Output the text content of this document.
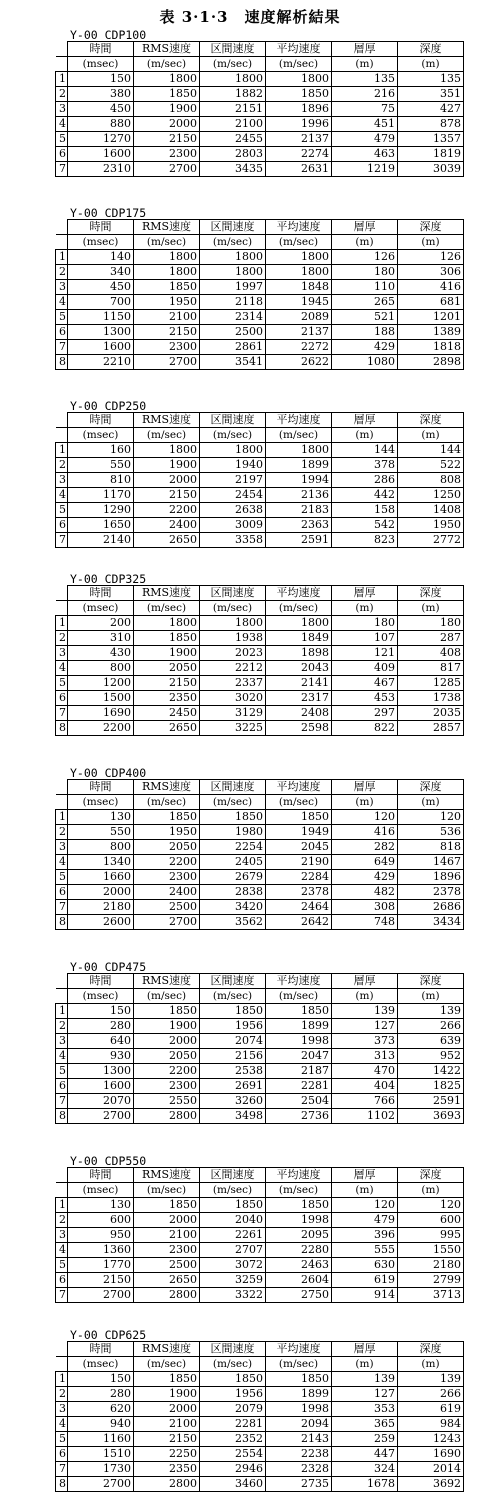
表 3·1·3　速度解析結果
Y-00 CDP100
	時間	RMS速度	区間速度	平均速度	層厚	深度
	(msec)	(m/sec)	(m/sec)	(m/sec)	(m)	(m)
1	150	1800	1800	1800	135	135
2	380	1850	1882	1850	216	351
3	450	1900	2151	1896	75	427
4	880	2000	2100	1996	451	878
5	1270	2150	2455	2137	479	1357
6	1600	2300	2803	2274	463	1819
7	2310	2700	3435	2631	1219	3039
Y-00 CDP175
	時間	RMS速度	区間速度	平均速度	層厚	深度
	(msec)	(m/sec)	(m/sec)	(m/sec)	(m)	(m)
1	140	1800	1800	1800	126	126
2	340	1800	1800	1800	180	306
3	450	1850	1997	1848	110	416
4	700	1950	2118	1945	265	681
5	1150	2100	2314	2089	521	1201
6	1300	2150	2500	2137	188	1389
7	1600	2300	2861	2272	429	1818
8	2210	2700	3541	2622	1080	2898
Y-00 CDP250
	時間	RMS速度	区間速度	平均速度	層厚	深度
	(msec)	(m/sec)	(m/sec)	(m/sec)	(m)	(m)
1	160	1800	1800	1800	144	144
2	550	1900	1940	1899	378	522
3	810	2000	2197	1994	286	808
4	1170	2150	2454	2136	442	1250
5	1290	2200	2638	2183	158	1408
6	1650	2400	3009	2363	542	1950
7	2140	2650	3358	2591	823	2772
Y-00 CDP325
	時間	RMS速度	区間速度	平均速度	層厚	深度
	(msec)	(m/sec)	(m/sec)	(m/sec)	(m)	(m)
1	200	1800	1800	1800	180	180
2	310	1850	1938	1849	107	287
3	430	1900	2023	1898	121	408
4	800	2050	2212	2043	409	817
5	1200	2150	2337	2141	467	1285
6	1500	2350	3020	2317	453	1738
7	1690	2450	3129	2408	297	2035
8	2200	2650	3225	2598	822	2857
Y-00 CDP400
	時間	RMS速度	区間速度	平均速度	層厚	深度
	(msec)	(m/sec)	(m/sec)	(m/sec)	(m)	(m)
1	130	1850	1850	1850	120	120
2	550	1950	1980	1949	416	536
3	800	2050	2254	2045	282	818
4	1340	2200	2405	2190	649	1467
5	1660	2300	2679	2284	429	1896
6	2000	2400	2838	2378	482	2378
7	2180	2500	3420	2464	308	2686
8	2600	2700	3562	2642	748	3434
Y-00 CDP475
	時間	RMS速度	区間速度	平均速度	層厚	深度
	(msec)	(m/sec)	(m/sec)	(m/sec)	(m)	(m)
1	150	1850	1850	1850	139	139
2	280	1900	1956	1899	127	266
3	640	2000	2074	1998	373	639
4	930	2050	2156	2047	313	952
5	1300	2200	2538	2187	470	1422
6	1600	2300	2691	2281	404	1825
7	2070	2550	3260	2504	766	2591
8	2700	2800	3498	2736	1102	3693
Y-00 CDP550
	時間	RMS速度	区間速度	平均速度	層厚	深度
	(msec)	(m/sec)	(m/sec)	(m/sec)	(m)	(m)
1	130	1850	1850	1850	120	120
2	600	2000	2040	1998	479	600
3	950	2100	2261	2095	396	995
4	1360	2300	2707	2280	555	1550
5	1770	2500	3072	2463	630	2180
6	2150	2650	3259	2604	619	2799
7	2700	2800	3322	2750	914	3713
Y-00 CDP625
	時間	RMS速度	区間速度	平均速度	層厚	深度
	(msec)	(m/sec)	(m/sec)	(m/sec)	(m)	(m)
1	150	1850	1850	1850	139	139
2	280	1900	1956	1899	127	266
3	620	2000	2079	1998	353	619
4	940	2100	2281	2094	365	984
5	1160	2150	2352	2143	259	1243
6	1510	2250	2554	2238	447	1690
7	1730	2350	2946	2328	324	2014
8	2700	2800	3460	2735	1678	3692
